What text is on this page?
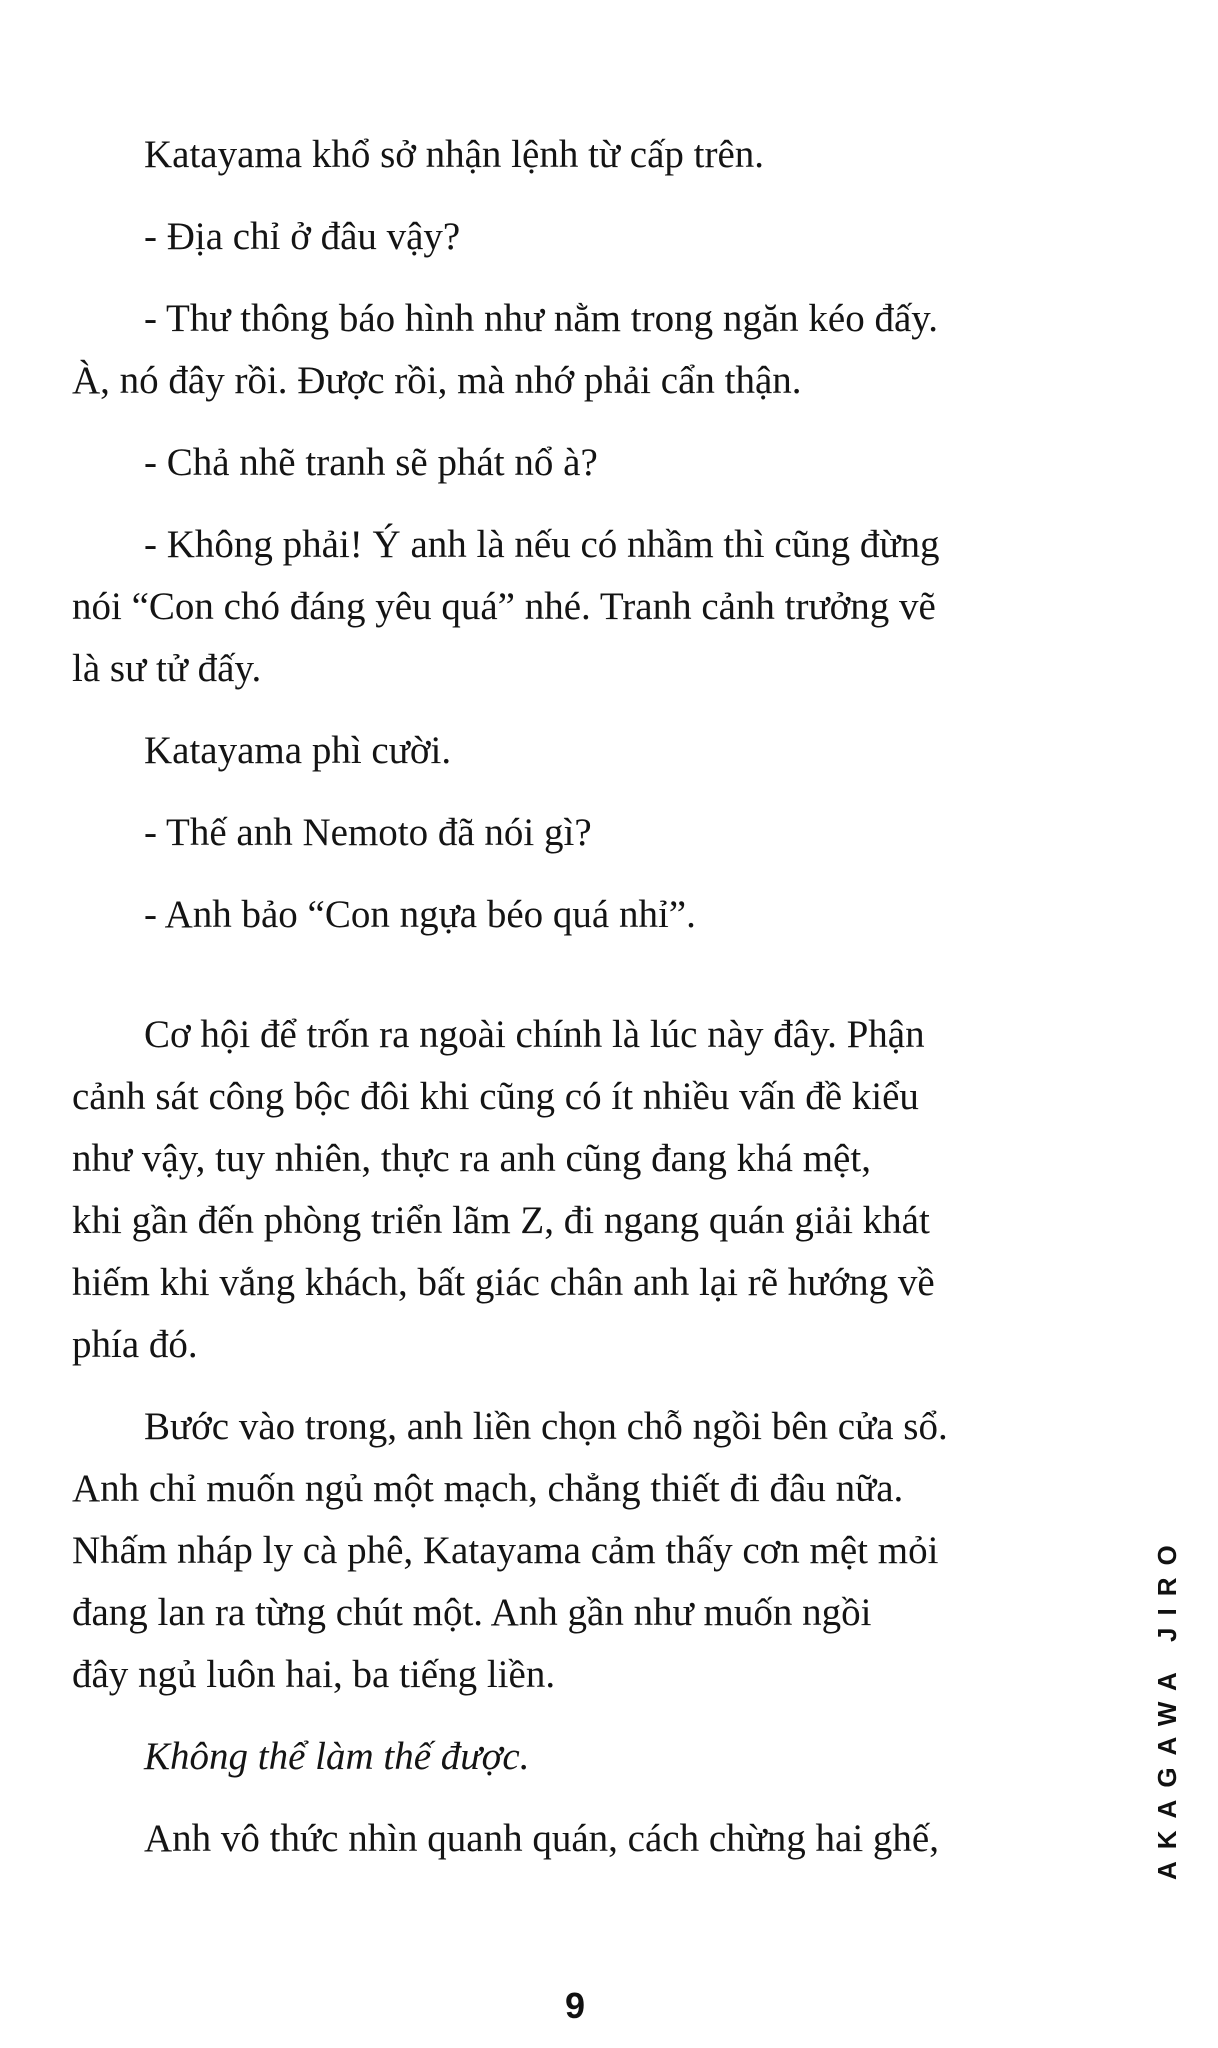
Katayama khổ sở nhận lệnh từ cấp trên.
- Địa chỉ ở đâu vậy?
- Thư thông báo hình như nằm trong ngăn kéo đấy.
À, nó đây rồi. Được rồi, mà nhớ phải cẩn thận.
- Chả nhẽ tranh sẽ phát nổ à?
- Không phải! Ý anh là nếu có nhầm thì cũng đừng
nói “Con chó đáng yêu quá” nhé. Tranh cảnh trưởng vẽ
là sư tử đấy.
Katayama phì cười.
- Thế anh Nemoto đã nói gì?
- Anh bảo “Con ngựa béo quá nhỉ”.
Cơ hội để trốn ra ngoài chính là lúc này đây. Phận
cảnh sát công bộc đôi khi cũng có ít nhiều vấn đề kiểu
như vậy, tuy nhiên, thực ra anh cũng đang khá mệt,
khi gần đến phòng triển lãm Z, đi ngang quán giải khát
hiếm khi vắng khách, bất giác chân anh lại rẽ hướng về
phía đó.
Bước vào trong, anh liền chọn chỗ ngồi bên cửa sổ.
Anh chỉ muốn ngủ một mạch, chẳng thiết đi đâu nữa.
Nhấm nháp ly cà phê, Katayama cảm thấy cơn mệt mỏi
đang lan ra từng chút một. Anh gần như muốn ngồi
đây ngủ luôn hai, ba tiếng liền.
Không thể làm thế được.
Anh vô thức nhìn quanh quán, cách chừng hai ghế,	AKAGAWA JIRO
9
